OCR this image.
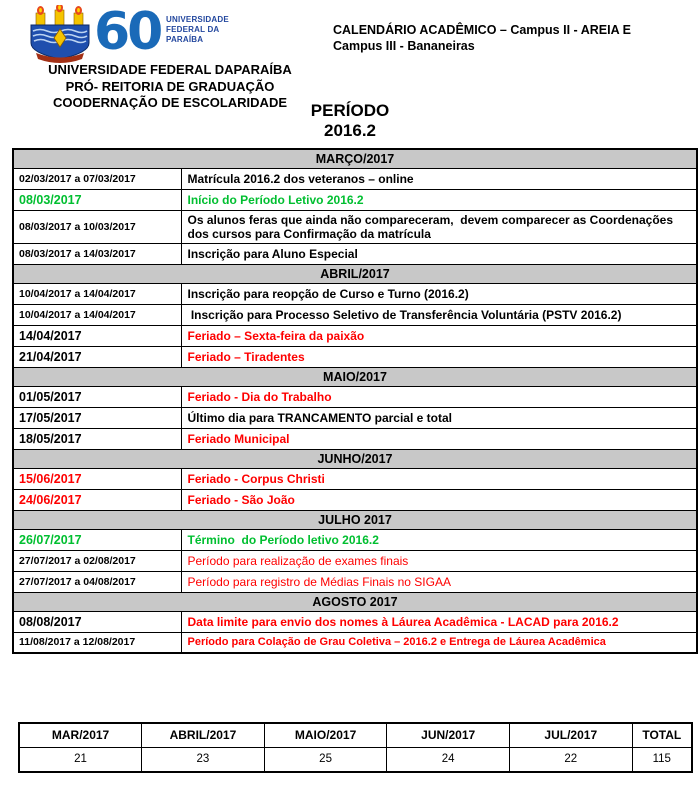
60 UNIVERSIDADE
FEDERAL DA
PARAÍBA
UNIVERSIDADE FEDERAL DAPARAÍBA
PRÓ- REITORIA DE GRADUAÇÃO
COODERNAÇÃO DE ESCOLARIDADE
CALENDÁRIO ACADÊMICO – Campus II - AREIA E
Campus III - Bananeiras
PERÍODO
2016.2
MARÇO/2017	
02/03/2017 a 07/03/2017	Matrícula 2016.2 dos veteranos – online
08/03/2017	Início do Período Letivo 2016.2
08/03/2017 a 10/03/2017	Os alunos feras que ainda não compareceram,  devem comparecer as Coordenações dos cursos para Confirmação da matrícula
08/03/2017 a 14/03/2017	Inscrição para Aluno Especial
ABRIL/2017	
10/04/2017 a 14/04/2017	Inscrição para reopção de Curso e Turno (2016.2)
10/04/2017 a 14/04/2017	Inscrição para Processo Seletivo de Transferência Voluntária (PSTV 2016.2)
14/04/2017	Feriado – Sexta-feira da paixão
21/04/2017	Feriado – Tiradentes
MAIO/2017	
01/05/2017	Feriado - Dia do Trabalho
17/05/2017	Último dia para TRANCAMENTO parcial e total
18/05/2017	Feriado Municipal
JUNHO/2017	
15/06/2017	Feriado - Corpus Christi
24/06/2017	Feriado - São João
JULHO 2017	
26/07/2017	Término  do Período letivo 2016.2
27/07/2017 a 02/08/2017	Período para realização de exames finais
27/07/2017 a 04/08/2017	Período para registro de Médias Finais no SIGAA
AGOSTO 2017	
08/08/2017	Data limite para envio dos nomes à Láurea Acadêmica - LACAD para 2016.2
11/08/2017 a 12/08/2017	Período para Colação de Grau Coletiva – 2016.2 e Entrega de Láurea Acadêmica
MAR/2017	ABRIL/2017	MAIO/2017	JUN/2017	JUL/2017	TOTAL
21	23	25	24	22	115
